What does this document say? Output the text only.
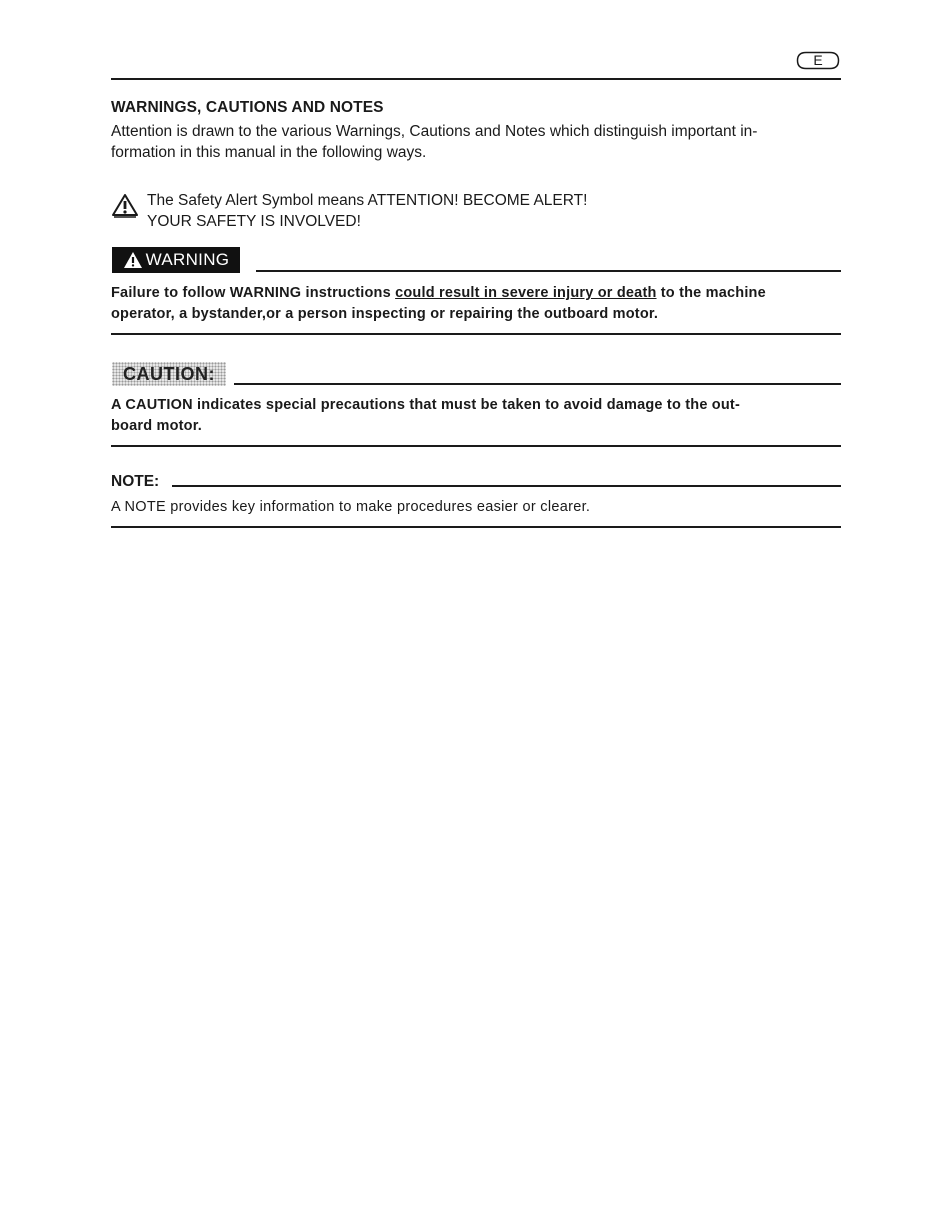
E
WARNINGS, CAUTIONS AND NOTES
Attention is drawn to the various Warnings, Cautions and Notes which distinguish important in-
formation in this manual in the following ways.
The Safety Alert Symbol means ATTENTION! BECOME ALERT!
YOUR SAFETY IS INVOLVED!
WARNING
Failure to follow WARNING instructions could result in severe injury or death to the machine
operator, a bystander,or a person inspecting or repairing the outboard motor.
CAUTION:
A CAUTION indicates special precautions that must be taken to avoid damage to the out-
board motor.
NOTE:
A NOTE provides key information to make procedures easier or clearer.
